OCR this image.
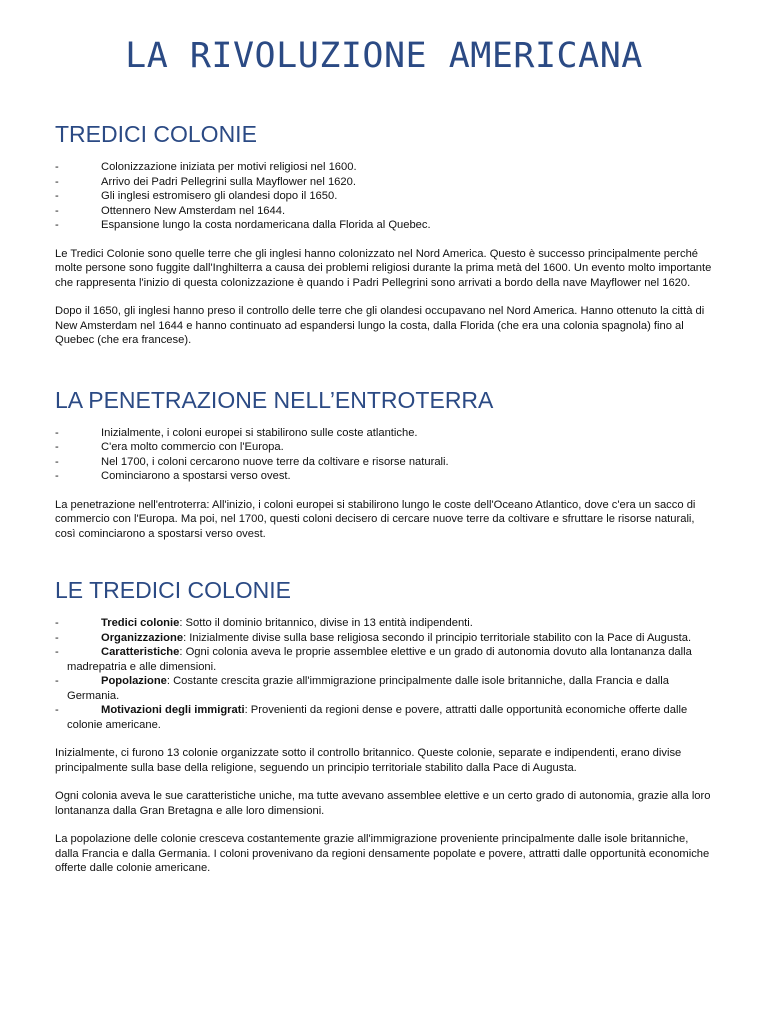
LA RIVOLUZIONE AMERICANA
TREDICI COLONIE
-	Colonizzazione iniziata per motivi religiosi nel 1600.
-	Arrivo dei Padri Pellegrini sulla Mayflower nel 1620.
-	Gli inglesi estromisero gli olandesi dopo il 1650.
-	Ottennero New Amsterdam nel 1644.
-	Espansione lungo la costa nordamericana dalla Florida al Quebec.

Le Tredici Colonie sono quelle terre che gli inglesi hanno colonizzato nel Nord America. Questo è successo principalmente perché molte persone sono fuggite dall'Inghilterra a causa dei problemi religiosi durante la prima metà del 1600. Un evento molto importante che rappresenta l'inizio di questa colonizzazione è quando i Padri Pellegrini sono arrivati a bordo della nave Mayflower nel 1620.

Dopo il 1650, gli inglesi hanno preso il controllo delle terre che gli olandesi occupavano nel Nord America. Hanno ottenuto la città di New Amsterdam nel 1644 e hanno continuato ad espandersi lungo la costa, dalla Florida (che era una colonia spagnola) fino al Quebec (che era francese).

LA PENETRAZIONE NELL’ENTROTERRA
-	Inizialmente, i coloni europei si stabilirono sulle coste atlantiche.
-	C'era molto commercio con l'Europa.
-	Nel 1700, i coloni cercarono nuove terre da coltivare e risorse naturali.
-	Cominciarono a spostarsi verso ovest.

La penetrazione nell'entroterra: All'inizio, i coloni europei si stabilirono lungo le coste dell'Oceano Atlantico, dove c'era un sacco di commercio con l'Europa. Ma poi, nel 1700, questi coloni decisero di cercare nuove terre da coltivare e sfruttare le risorse naturali, così cominciarono a spostarsi verso ovest.

LE TREDICI COLONIE
-	Tredici colonie: Sotto il dominio britannico, divise in 13 entità indipendenti.
-	Organizzazione: Inizialmente divise sulla base religiosa secondo il principio territoriale stabilito con la Pace di Augusta.
-	Caratteristiche: Ogni colonia aveva le proprie assemblee elettive e un grado di autonomia dovuto alla lontananza dalla madrepatria e alle dimensioni.
-	Popolazione: Costante crescita grazie all'immigrazione principalmente dalle isole britanniche, dalla Francia e dalla Germania.
-	Motivazioni degli immigrati: Provenienti da regioni dense e povere, attratti dalle opportunità economiche offerte dalle colonie americane.

Inizialmente, ci furono 13 colonie organizzate sotto il controllo britannico. Queste colonie, separate e indipendenti, erano divise principalmente sulla base della religione, seguendo un principio territoriale stabilito dalla Pace di Augusta.

Ogni colonia aveva le sue caratteristiche uniche, ma tutte avevano assemblee elettive e un certo grado di autonomia, grazie alla loro lontananza dalla Gran Bretagna e alle loro dimensioni.

La popolazione delle colonie cresceva costantemente grazie all'immigrazione proveniente principalmente dalle isole britanniche, dalla Francia e dalla Germania. I coloni provenivano da regioni densamente popolate e povere, attratti dalle opportunità economiche offerte dalle colonie americane.
